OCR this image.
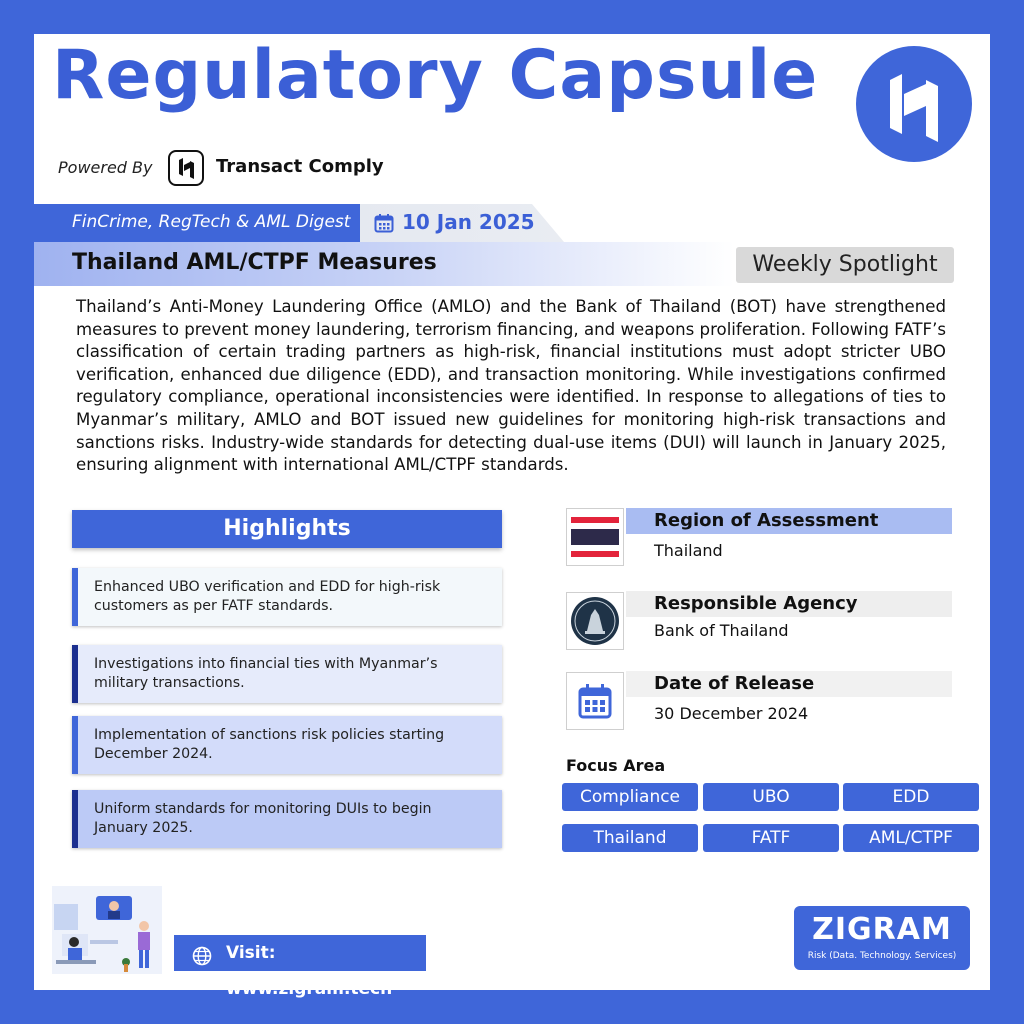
Regulatory Capsule
Powered By	Transact Comply
FinCrime, RegTech & AML Digest	10 Jan 2025
Thailand AML/CTPF Measures	Weekly Spotlight
Thailand’s Anti-Money Laundering Office (AMLO) and the Bank of Thailand (BOT) have strengthened measures to prevent money laundering, terrorism financing, and weapons proliferation. Following FATF’s classification of certain trading partners as high-risk, financial institutions must adopt stricter UBO verification, enhanced due diligence (EDD), and transaction monitoring. While investigations confirmed regulatory compliance, operational inconsistencies were identified. In response to allegations of ties to Myanmar’s military, AMLO and BOT issued new guidelines for monitoring high-risk transactions and sanctions risks. Industry-wide standards for detecting dual-use items (DUI) will launch in January 2025, ensuring alignment with international AML/CTPF standards.
Highlights
Enhanced UBO verification and EDD for high-risk customers as per FATF standards.
Investigations into financial ties with Myanmar’s military transactions.
Implementation of sanctions risk policies starting December 2024.
Uniform standards for monitoring DUIs to begin January 2025.
Region of Assessment
Thailand
Responsible Agency
Bank of Thailand
Date of Release
30 December 2024
Focus Area
Compliance	UBO	EDD
Thailand	FATF	AML/CTPF
Visit: www.zigram.tech
ZIGRAM
Risk (Data. Technology. Services)
